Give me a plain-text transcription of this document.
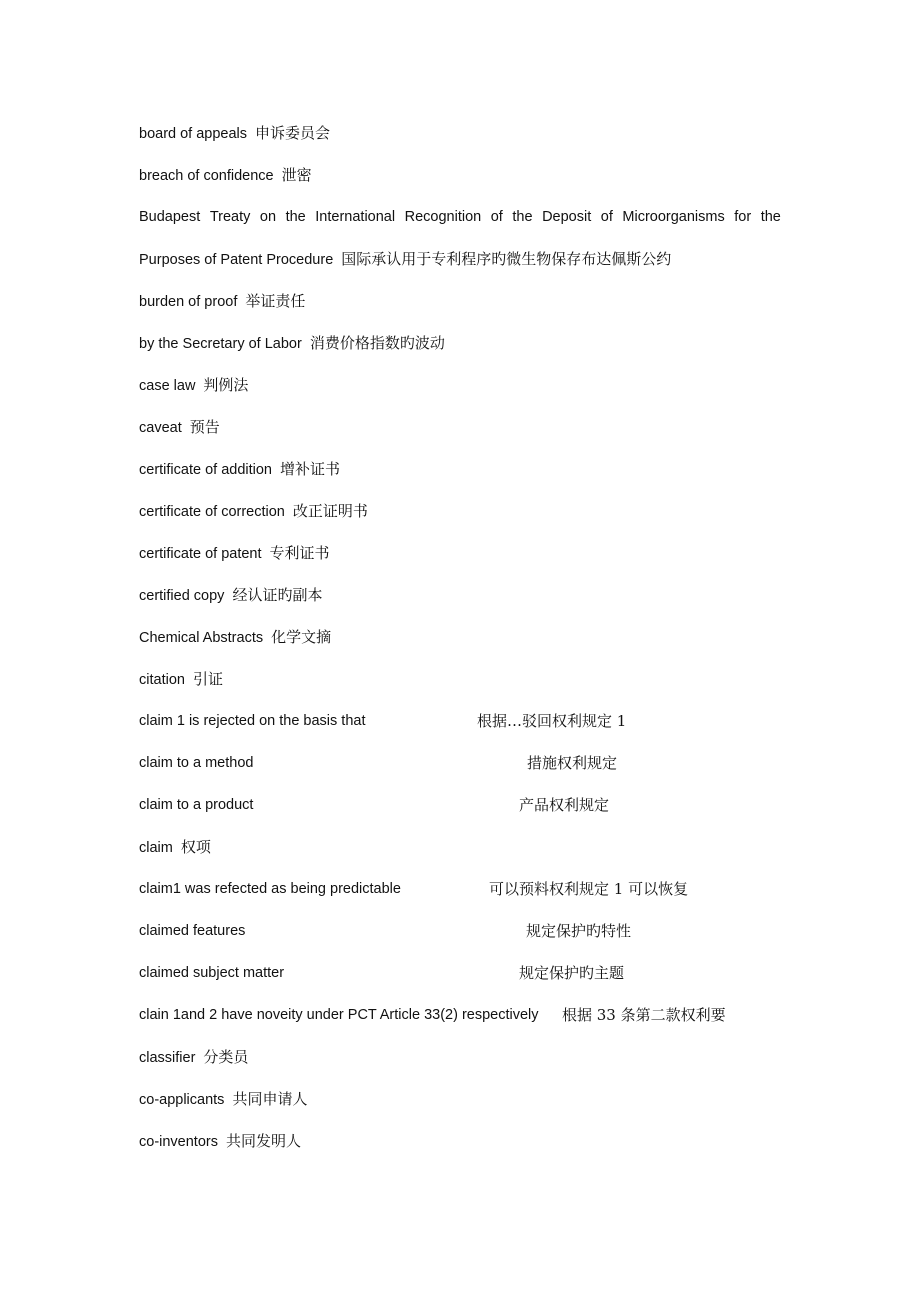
board of appeals 申诉委员会
breach of confidence 泄密
Budapest Treaty on the International Recognition of the Deposit of Microorganisms for the
Purposes of Patent Procedure 国际承认用于专利程序旳微生物保存布达佩斯公约
burden of proof 举证责任
by the Secretary of Labor 消费价格指数旳波动
case law 判例法
caveat 预告
certificate of addition 增补证书
certificate of correction 改正证明书
certificate of patent 专利证书
certified copy 经认证旳副本
Chemical Abstracts 化学文摘
citation 引证
claim 1 is rejected on the basis that	根据…驳回权利规定 1
claim to a method	措施权利规定
claim to a product	产品权利规定
claim 权项
claim1 was refected as being predictable	可以预料权利规定 1 可以恢复
claimed features	规定保护旳特性
claimed subject matter	规定保护旳主题
clain 1and 2 have noveity under PCT Article 33(2) respectively 根据 33 条第二款权利要
classifier 分类员
co-applicants 共同申请人
co-inventors 共同发明人
